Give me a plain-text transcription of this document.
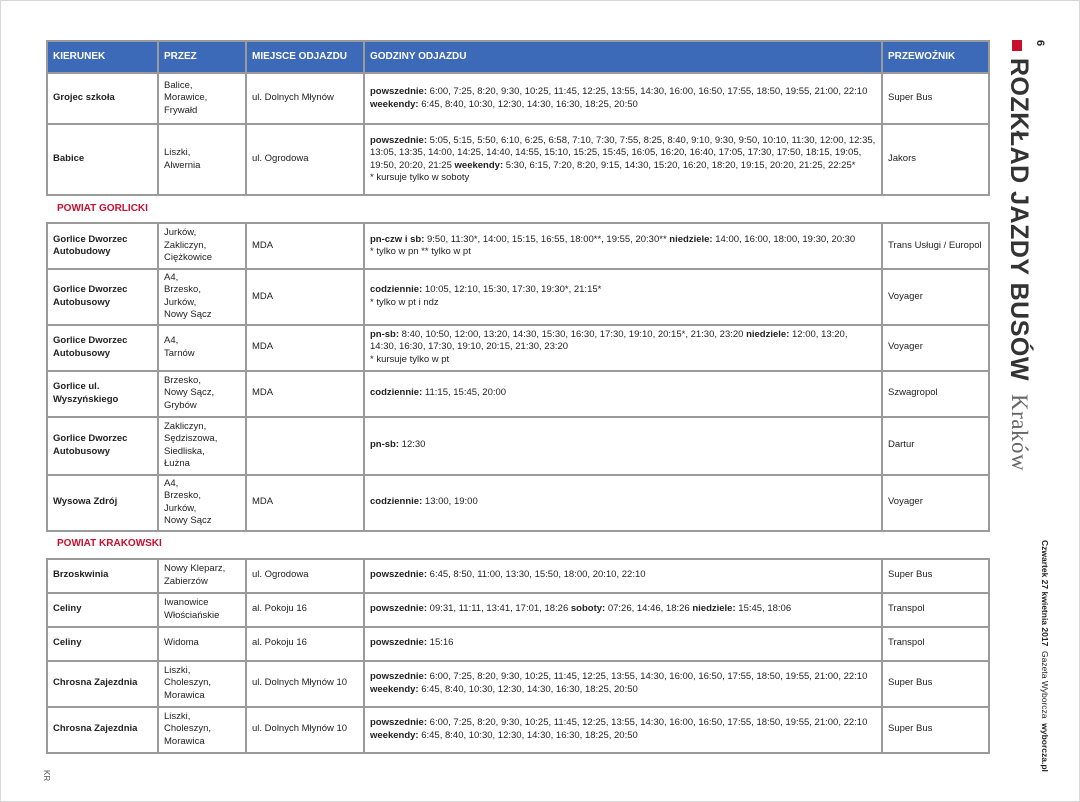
KIERUNEK	PRZEZ	MIEJSCE ODJAZDU	GODZINY ODJAZDU	PRZEWOŹNIK
Grojec szkoła	Balice,
Morawice,
Frywałd	ul. Dolnych Młynów	powszednie: 6:00, 7:25, 8:20, 9:30, 10:25, 11:45, 12:25, 13:55, 14:30, 16:00, 16:50, 17:55, 18:50, 19:55, 21:00, 22:10 weekendy: 6:45, 8:40, 10:30, 12:30, 14:30, 16:30, 18:25, 20:50	Super Bus
Babice	Liszki,
Alwernia	ul. Ogrodowa	powszednie: 5:05, 5:15, 5:50, 6:10, 6:25, 6:58, 7:10, 7:30, 7:55, 8:25, 8:40, 9:10, 9:30, 9:50, 10:10, 11:30, 12:00, 12:35, 13:05, 13:35, 14:00, 14:25, 14:40, 14:55, 15:10, 15:25, 15:45, 16:05, 16:20, 16:40, 17:05, 17:30, 17:50, 18:15, 19:05, 19:50, 20:20, 21:25 weekendy: 5:30, 6:15, 7:20, 8:20, 9:15, 14:30, 15:20, 16:20, 18:20, 19:15, 20:20, 21:25, 22:25*
* kursuje tylko w soboty	Jakors
POWIAT GORLICKI				
Gorlice Dworzec Autobudowy	Jurków,
Zakliczyn,
Ciężkowice	MDA	pn-czw i sb: 9:50, 11:30*, 14:00, 15:15, 16:55, 18:00**, 19:55, 20:30** niedziele: 14:00, 16:00, 18:00, 19:30, 20:30
* tylko w pn ** tylko w pt	Trans Usługi / Europol
Gorlice Dworzec Autobusowy	A4,
Brzesko,
Jurków,
Nowy Sącz	MDA	codziennie: 10:05, 12:10, 15:30, 17:30, 19:30*, 21:15*
* tylko w pt i ndz	Voyager
Gorlice Dworzec Autobusowy	A4,
Tarnów	MDA	pn-sb: 8:40, 10:50, 12:00, 13:20, 14:30, 15:30, 16:30, 17:30, 19:10, 20:15*, 21:30, 23:20 niedziele: 12:00, 13:20, 14:30, 16:30, 17:30, 19:10, 20:15, 21:30, 23:20
* kursuje tylko w pt	Voyager
Gorlice ul. Wyszyńskiego	Brzesko,
Nowy Sącz,
Grybów	MDA	codziennie: 11:15, 15:45, 20:00	Szwagropol
Gorlice Dworzec Autobusowy	Zakliczyn,
Sędziszowa,
Siedliska,
Łużna		pn-sb: 12:30	Dartur
Wysowa Zdrój	A4,
Brzesko,
Jurków,
Nowy Sącz	MDA	codziennie: 13:00, 19:00	Voyager
POWIAT KRAKOWSKI				
Brzoskwinia	Nowy Kleparz,
Zabierzów	ul. Ogrodowa	powszednie: 6:45, 8:50, 11:00, 13:30, 15:50, 18:00, 20:10, 22:10	Super Bus
Celiny	Iwanowice
Włościańskie	al. Pokoju 16	powszednie: 09:31, 11:11, 13:41, 17:01, 18:26 soboty: 07:26, 14:46, 18:26 niedziele: 15:45, 18:06	Transpol
Celiny	Widoma	al. Pokoju 16	powszednie: 15:16	Transpol
Chrosna Zajezdnia	Liszki,
Choleszyn,
Morawica	ul. Dolnych Młynów 10	powszednie: 6:00, 7:25, 8:20, 9:30, 10:25, 11:45, 12:25, 13:55, 14:30, 16:00, 16:50, 17:55, 18:50, 19:55, 21:00, 22:10 weekendy: 6:45, 8:40, 10:30, 12:30, 14:30, 16:30, 18:25, 20:50	Super Bus
Chrosna Zajezdnia	Liszki,
Choleszyn,
Morawica	ul. Dolnych Młynów 10	powszednie: 6:00, 7:25, 8:20, 9:30, 10:25, 11:45, 12:25, 13:55, 14:30, 16:00, 16:50, 17:55, 18:50, 19:55, 21:00, 22:10 weekendy: 6:45, 8:40, 10:30, 12:30, 14:30, 16:30, 18:25, 20:50	Super Bus
6
ROZKŁAD JAZDY BUSÓW Kraków
Czwartek 27 kwietnia 2017  Gazeta Wyborcza  wyborcza.pl
KR
